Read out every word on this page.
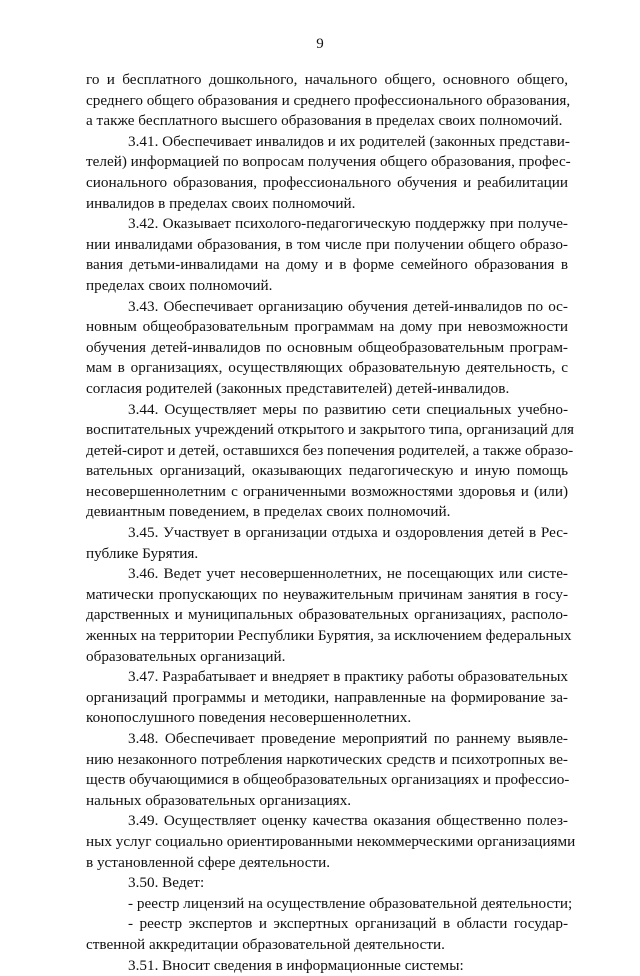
9

го и бесплатного дошкольного, начального общего, основного общего,

среднего общего образования и среднего профессионального образования,

а также бесплатного высшего образования в пределах своих полномочий.

3.41. Обеспечивает инвалидов и их родителей (законных представи-

телей) информацией по вопросам получения общего образования, профес-

сионального образования, профессионального обучения и реабилитации

инвалидов в пределах своих полномочий.

3.42. Оказывает психолого-педагогическую поддержку при получе-

нии инвалидами образования, в том числе при получении общего образо-

вания детьми-инвалидами на дому и в форме семейного образования в

пределах своих полномочий.

3.43. Обеспечивает организацию обучения детей-инвалидов по ос-

новным общеобразовательным программам на дому при невозможности

обучения детей-инвалидов по основным общеобразовательным програм-

мам в организациях, осуществляющих образовательную деятельность, с

согласия родителей (законных представителей) детей-инвалидов.

3.44. Осуществляет меры по развитию сети специальных учебно-

воспитательных учреждений открытого и закрытого типа, организаций для

детей-сирот и детей, оставшихся без попечения родителей, а также образо-

вательных организаций, оказывающих педагогическую и иную помощь

несовершеннолетним с ограниченными возможностями здоровья и (или)

девиантным поведением, в пределах своих полномочий.

3.45. Участвует в организации отдыха и оздоровления детей в Рес-

публике Бурятия.

3.46. Ведет учет несовершеннолетних, не посещающих или систе-

матически пропускающих по неуважительным причинам занятия в госу-

дарственных и муниципальных образовательных организациях, располо-

женных на территории Республики Бурятия, за исключением федеральных

образовательных организаций.

3.47. Разрабатывает и внедряет в практику работы образовательных

организаций программы и методики, направленные на формирование за-

конопослушного поведения несовершеннолетних.

3.48. Обеспечивает проведение мероприятий по раннему выявле-

нию незаконного потребления наркотических средств и психотропных ве-

ществ обучающимися в общеобразовательных организациях и профессио-

нальных образовательных организациях.

3.49. Осуществляет оценку качества оказания общественно полез-

ных услуг социально ориентированными некоммерческими организациями

в установленной сфере деятельности.

3.50. Ведет:

- реестр лицензий на осуществление образовательной деятельности;

- реестр экспертов и экспертных организаций в области государ-

ственной аккредитации образовательной деятельности.

3.51. Вносит сведения в информационные системы:
